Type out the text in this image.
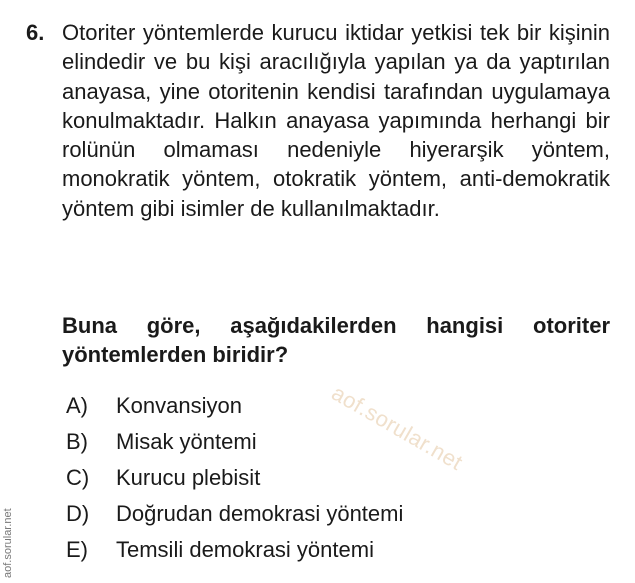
6. Otoriter yöntemlerde kurucu iktidar yetkisi tek bir kişinin elindedir ve bu kişi aracılığıyla yapılan ya da yaptırılan anayasa, yine otoritenin kendisi tarafından uygulamaya konulmaktadır. Halkın anayasa yapımında herhangi bir rolünün olmaması nedeniyle hiyerarşik yöntem, monokratik yöntem, otokratik yöntem, anti-demokratik yöntem gibi isimler de kullanılmaktadır.

Buna göre, aşağıdakilerden hangisi otoriter yöntemlerden biridir?

A)	Konvansiyon
B)	Misak yöntemi
C)	Kurucu plebisit
D)	Doğrudan demokrasi yöntemi
E)	Temsili demokrasi yöntemi
aof.sorular.net
aof.sorular.net
